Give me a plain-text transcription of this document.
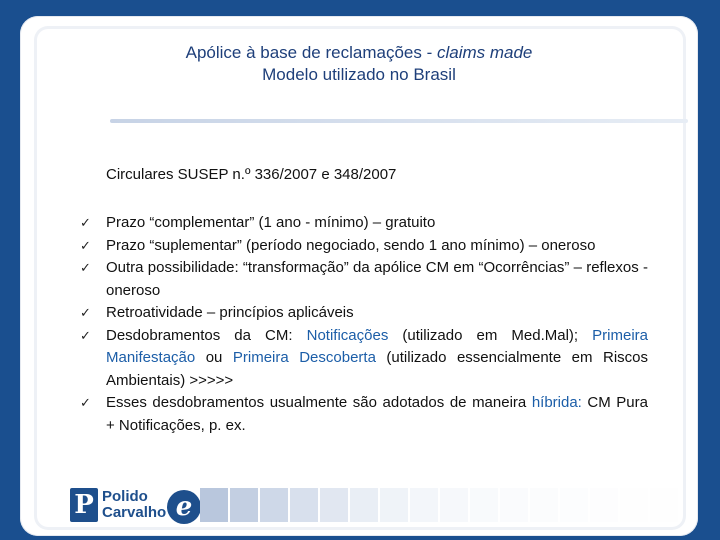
Apólice à base de reclamações - claims made
Modelo utilizado no Brasil
Circulares SUSEP n.º 336/2007 e 348/2007
✓ Prazo “complementar” (1 ano - mínimo) – gratuito
✓ Prazo “suplementar” (período negociado, sendo 1 ano mínimo) – oneroso
✓ Outra possibilidade: “transformação” da apólice CM em “Ocorrências” – reflexos - oneroso
✓ Retroatividade – princípios aplicáveis
✓ Desdobramentos da CM: Notificações (utilizado em Med.Mal); Primeira Manifestação ou Primeira Descoberta (utilizado essencialmente em Riscos Ambientais) >>>>>
✓ Esses desdobramentos usualmente são adotados de maneira híbrida: CM Pura + Notificações, p. ex.
P Polido
Carvalho e
